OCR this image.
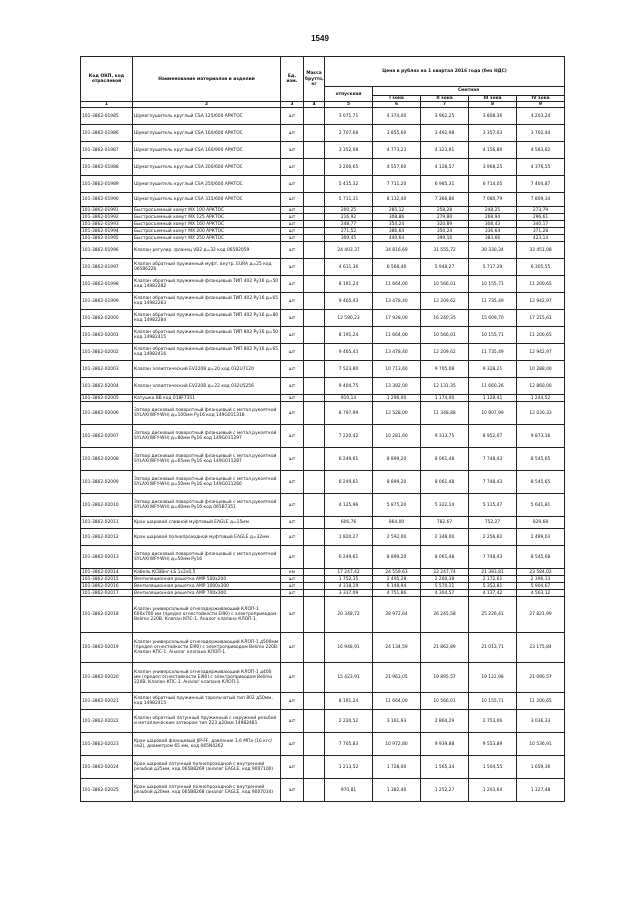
1549
Код ОКП, код отраслевой	Наименование материалов и изделий	Ед. изм.	Масса брутто, кг	Цена в рублях на 1 квартал 2016 года (без НДС)				
				отпускная	Сметная			
					I зона	II зона	III зона	IV зона
1	2	3	4	5	6	7	8	9
101-3862-01985	Шумоглушитель круглый CSA 125/600 АРКТОС	шт		3 071,71	4 374,00	3 962,25	3 808,36	4 203,24
101-3862-01986	Шумоглушитель круглый CSA 160/600 АРКТОС	шт		2 707,68	3 855,60	3 492,98	3 357,03	3 702,44
101-3862-01987	Шумоглушитель круглый CSA 160/900 АРКТОС	шт		3 352,08	4 773,23	4 323,91	4 156,80	4 583,82
101-3862-01988	Шумоглушитель круглый CSA 200/600 АРКТОС	шт		3 200,65	4 557,60	4 128,57	3 968,25	4 376,55
101-3862-01989	Шумоглушитель круглый CSA 250/600 АРКТОС	шт		5 415,32	7 711,20	6 985,31	6 714,05	7 404,87
101-3862-01990	Шумоглушитель круглый CSA 315/600 АРКТОС	шт		5 711,31	8 132,40	7 366,86	7 080,79	7 809,34
101-3862-01991	Быстросъемный хомут MX 100 АРКТОС	шт		200,25	285,12	258,28	248,25	273,79
101-3862-01992	Быстросъемный хомут MX 125 АРКТОС	шт		216,92	308,86	279,80	268,94	296,61
101-3862-01993	Быстросъемный хомут MX 160 АРКТОС	шт		248,77	354,24	320,89	308,43	340,17
101-3862-01994	Быстросъемный хомут MX 200 АРКТОС	шт		271,52	386,64	350,24	336,64	371,28
101-3862-01995	Быстросъемный хомут MX 250 АРКТОС	шт		309,45	440,64	399,16	383,66	423,14
101-3862-01996	Клапан регулир. фланец VB2 д=32 код 06582059	шт		24 403,37	34 816,69	31 555,72	30 330,34	33 451,08
101-3862-01997	Клапан обратный пружинный муфт. внутр. EURA д=25 код 06586226	шт		4 611,36	6 566,40	5 948,27	5 717,29	6 305,55
101-3862-01998	Клапан обратный пружинный фланцевый ТИП 402 Ру16 д=50 код 14982282	шт		8 191,24	11 664,00	10 566,01	10 155,71	11 200,65
101-3862-01999	Клапан обратный пружинный фланцевый ТИП 402 Ру16 д=65 код 14982283	шт		9 465,43	13 478,40	12 209,62	11 735,49	12 942,97
101-3862-02000	Клапан обратный пружинный фланцевый ТИП 402 Ру16 д=80 код 14982284	шт		12 590,23	17 928,00	16 240,35	15 609,70	17 215,61
101-3862-02001	Клапан обратный пружинный фланцевый ТИП 802 Ру16 д=50 код 14982415	шт		8 191,24	11 664,00	10 566,01	10 155,71	11 200,65
101-3862-02002	Клапан обратный пружинный фланцевый ТИП 802 Ру16 д=65 код 14982416	шт		9 465,43	13 478,40	12 209,62	11 735,49	12 942,97
101-3862-02003	Клапан эллиптический EV220B д=20 код 032U7120	шт		7 523,80	10 713,60	9 705,08	9 328,21	10 288,00
101-3862-02004	Клапан эллиптический EV220B д=22 код 032U5256	шт		9 404,75	13 392,00	12 131,35	11 660,26	12 860,00
101-3862-02005	Катушка BB код 018F7351	шт		910,14	1 296,00	1 174,00	1 128,41	1 244,52
101-3862-02006	Затвор дисковый поворотный фланцевый с метал.рукояткой SYLAX(WFY-WH) д=100мм Ру16 код 149G011318	шт		8 797,99	12 528,00	11 348,88	10 907,99	12 030,33
101-3862-02007	Затвор дисковый поворотный фланцевый с метал.рукояткой SYLAX(WFY-WH) д=80мм Ру16 код 149G011297	шт		7 220,42	10 281,60	9 313,75	8 952,07	9 873,16
101-3862-02008	Затвор дисковый поворотный фланцевый с метал.рукояткой SYLAX(WFY-WH) д=65мм Ру16 код 149G011287	шт		6 249,61	8 899,20	8 061,48	7 748,43	8 545,65
101-3862-02009	Затвор дисковый поворотный фланцевый с метал.рукояткой SYLAX(WFY-WH) д=50мм Ру16 код 149G011266	шт		6 249,61	8 899,20	8 061,48	7 748,43	8 545,65
101-3862-02010	Затвор дисковый поворотный фланцевый с метал.рукояткой SYLAX(WFY-WH) д=40мм Ру16 код 065B7351	шт		4 125,96	5 875,20	5 322,14	5 115,47	5 641,81
101-3862-02011	Кран шаровой сливной муфтовый EAGLE д=15мм	шт		606,76	864,00	782,67	752,27	829,68
101-3862-02012	Кран шаровой полнопроходной муфтовый EAGLE д=32мм	шт		1 820,27	2 592,00	2 348,00	2 256,82	2 489,03
101-3862-02013	Затвор дисковый поворотный фланцевый с метал.рукояткой SYLAX(WFY-WH) д=50мм Ру16	шт		6 249,61	8 899,20	8 061,48	7 748,43	8 545,68
101-3862-02014	Кабель КСВВнг-LS 1x2x0,5	км		17 247,42	24 559,63	22 247,74	21 383,81	23 584,02
101-3862-02015	Вентиляционная решетка AMP 500х200	шт		1 752,35	2 495,28	2 260,38	2 172,61	2 396,13
101-3862-02016	Вентиляционная решетка AMP 1000х300	шт		4 318,19	6 148,94	5 570,11	5 353,81	5 904,67
101-3862-02017	Вентиляционная решетка AMP 700х300	шт		3 337,09	4 751,86	4 304,57	4 137,42	4 563,12
101-3862-02018	Клапан универсальный огнезадерживающий КЛОП-1 600х700 мм (предел огнестойкости EI90) с электроприводом Belimo 220В. Клапан КПС-1. Аналог клапана КЛОП-1.	шт		20 348,72	28 972,64	26 245,58	25 226,41	27 821,99
101-3862-02019	Клапан универсальный огнезадерживающий КЛОП-1 д500мм (предел огнестойкости EI90) с электроприводом Belimo 220В. Клапан КПС-1. Аналог клапана КЛОП-1.	шт		16 948,91	24 134,59	21 862,89	21 013,71	23 175,84
101-3862-02020	Клапан универсальный огнезадерживающий КЛОП-1 д400 мм (предел огнестойкости EI90) с электроприводом Belimo 220В. Клапан КПС-1. Аналог клапана КЛОП-1.	шт		15 423,91	21 963,05	19 895,57	19 122,98	21 090,57
101-3862-02021	Клапан обратный пружинный тарельчатый тип 802 д50мм, код 14982415	шт		8 191,24	11 664,00	10 566,01	10 155,71	11 200,65
101-3862-02022	Клапан обратный латунный пружинный с наружной резьбой и металлическим затвором тип 223 д20мм 14982481	шт		2 220,52	3 161,93	2 864,29	2 753,06	3 036,33
101-3862-02023	Кран шаровой фланцевый JIP-FF, давление 1,6 МПа (16 кгс/см2), диаметром 65 мм, код 065N4262	шт		7 705,83	10 972,80	9 939,88	9 553,89	10 536,91
101-3862-02024	Кран шаровой латунный полнопроходной с внутренней резьбой д25мм, код 065B8269 (аналог EAGLE, код 9007100)	шт		1 213,52	1 728,00	1 565,34	1 504,55	1 659,36
101-3862-02025	Кран шаровой латунный полнопроходной с внутренней резьбой д20мм, код 065B8268 (аналог EAGLE, код 9007034)	шт		970,81	1 382,40	1 252,27	1 203,64	1 327,48
